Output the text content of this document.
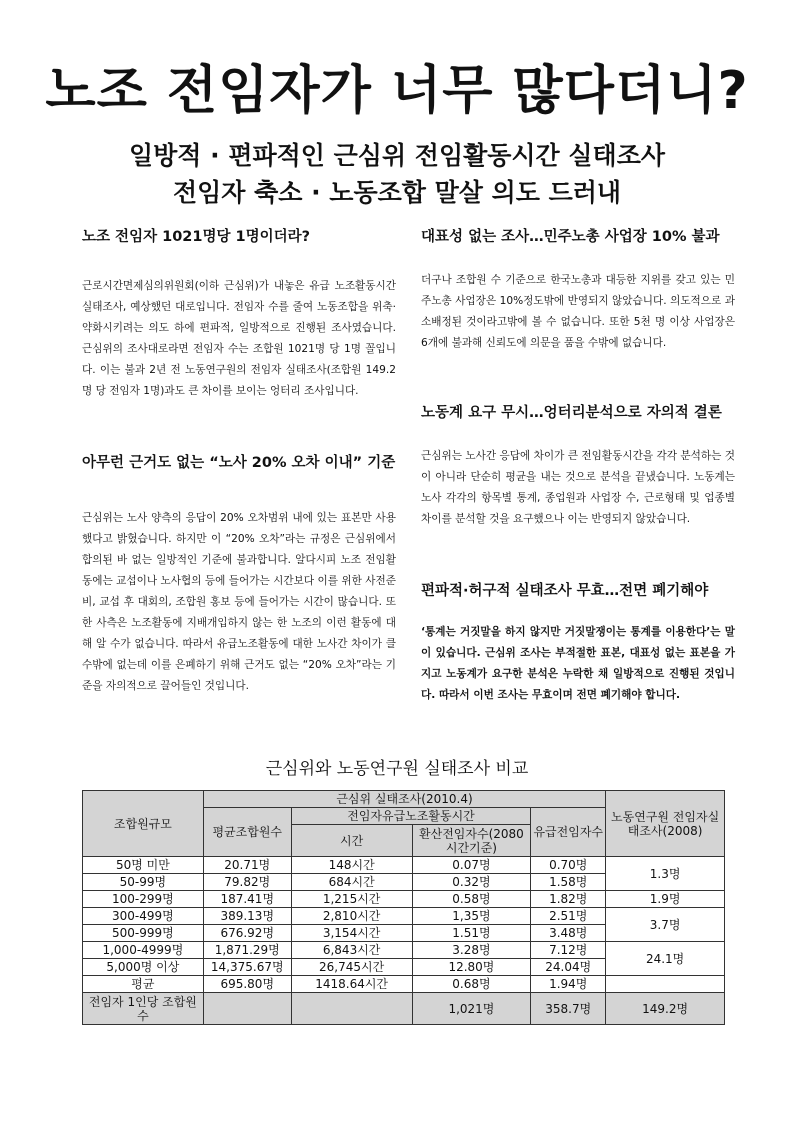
노조 전임자가 너무 많다더니?
일방적 · 편파적인 근심위 전임활동시간 실태조사
전임자 축소 · 노동조합 말살 의도 드러내
노조 전임자 1021명당 1명이더라?

근로시간면제심의위원회(이하 근심위)가 내놓은 유급 노조활동시간 실태조사, 예상했던 대로입니다. 전임자 수를 줄여 노동조합을 위축·약화시키려는 의도 하에 편파적, 일방적으로 진행된 조사였습니다. 근심위의 조사대로라면 전임자 수는 조합원 1021명 당 1명 꼴입니다. 이는 불과 2년 전 노동연구원의 전임자 실태조사(조합원 149.2명 당 전임자 1명)과도 큰 차이를 보이는 엉터리 조사입니다.

아무런 근거도 없는 “노사 20% 오차 이내” 기준

근심위는 노사 양측의 응답이 20% 오차범위 내에 있는 표본만 사용했다고 밝혔습니다. 하지만 이 “20% 오차”라는 규정은 근심위에서 합의된 바 없는 일방적인 기준에 불과합니다. 알다시피 노조 전임활동에는 교섭이나 노사협의 등에 들어가는 시간보다 이를 위한 사전준비, 교섭 후 대회의, 조합원 홍보 등에 들어가는 시간이 많습니다. 또한 사측은 노조활동에 지배개입하지 않는 한 노조의 이런 활동에 대해 알 수가 없습니다. 따라서 유급노조활동에 대한 노사간 차이가 클 수밖에 없는데 이를 은폐하기 위해 근거도 없는 “20% 오차”라는 기준을 자의적으로 끌어들인 것입니다.

대표성 없는 조사…민주노총 사업장 10% 불과

더구나 조합원 수 기준으로 한국노총과 대등한 지위를 갖고 있는 민주노총 사업장은 10%정도밖에 반영되지 않았습니다. 의도적으로 과소배정된 것이라고밖에 볼 수 없습니다. 또한 5천 명 이상 사업장은 6개에 불과해 신뢰도에 의문을 품을 수밖에 없습니다.

노동계 요구 무시…엉터리분석으로 자의적 결론

근심위는 노사간 응답에 차이가 큰 전임활동시간을 각각 분석하는 것이 아니라 단순히 평균을 내는 것으로 분석을 끝냈습니다. 노동계는 노사 각각의 항목별 통계, 종업원과 사업장 수, 근로형태 및 업종별 차이를 분석할 것을 요구했으나 이는 반영되지 않았습니다.

편파적·허구적 실태조사 무효…전면 폐기해야

‘통계는 거짓말을 하지 않지만 거짓말쟁이는 통계를 이용한다’는 말이 있습니다. 근심위 조사는 부적절한 표본, 대표성 없는 표본을 가지고 노동계가 요구한 분석은 누락한 채 일방적으로 진행된 것입니다. 따라서 이번 조사는 무효이며 전면 폐기해야 합니다.

근심위와 노동연구원 실태조사 비교
조합원규모	근심위 실태조사(2010.4)				노동연구원 전임자실태조사(2008)
	평균조합원수	전임자유급노조활동시간		유급전임자수	
		시간	환산전임자수(2080시간기준)		
50명 미만	20.71명	148시간	0.07명	0.70명	1.3명
50-99명	79.82명	684시간	0.32명	1.58명	
100-299명	187.41명	1,215시간	0.58명	1.82명	1.9명
300-499명	389.13명	2,810시간	1,35명	2.51명	3.7명
500-999명	676.92명	3,154시간	1.51명	3.48명	
1,000-4999명	1,871.29명	6,843시간	3.28명	7.12명	24.1명
5,000명 이상	14,375.67명	26,745시간	12.80명	24.04명	
평균	695.80명	1418.64시간	0.68명	1.94명	
전임자 1인당 조합원수			1,021명	358.7명	149.2명
